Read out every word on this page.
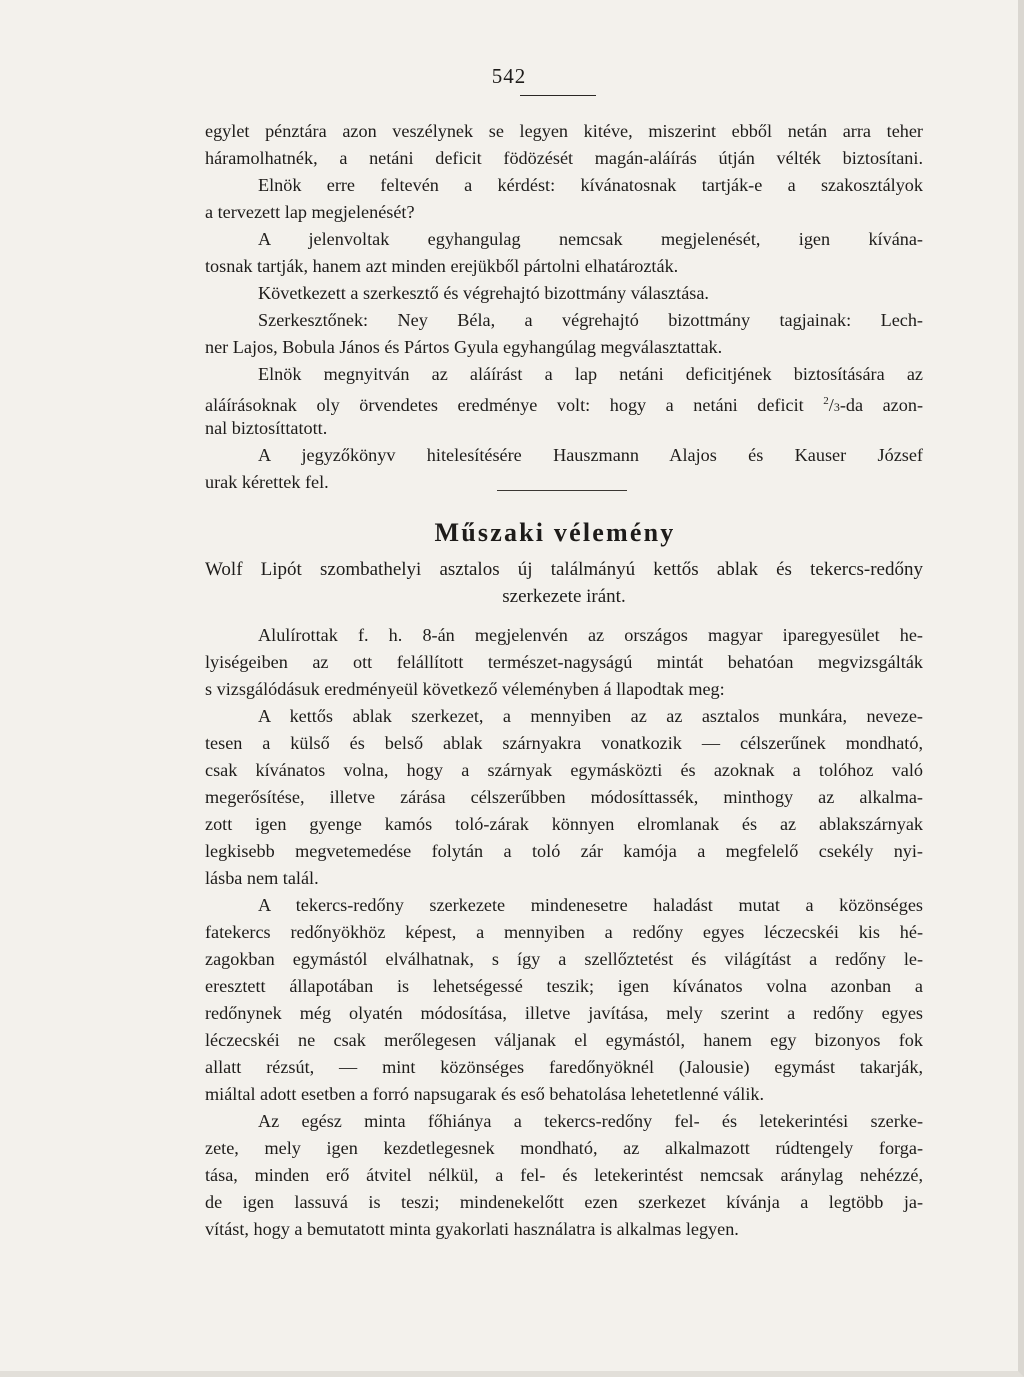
542
egylet pénztára azon veszélynek se legyen kitéve, miszerint ebből netán arra teher
háramolhatnék, a netáni deficit födözését magán-aláírás útján vélték biztosítani.
Elnök erre feltevén a kérdést: kívánatosnak tartják-e a szakosztályok
a tervezett lap megjelenését?
A jelenvoltak egyhangulag nemcsak megjelenését, igen kívána-
tosnak tartják, hanem azt minden erejükből pártolni elhatározták.
Következett a szerkesztő és végrehajtó bizottmány választása.
Szerkesztőnek: Ney Béla, a végrehajtó bizottmány tagjainak: Lech-
ner Lajos, Bobula János és Pártos Gyula egyhangúlag megválasztattak.
Elnök megnyitván az aláírást a lap netáni deficitjének biztosítására az
aláírásoknak oly örvendetes eredménye volt: hogy a netáni deficit $^2$/3-da azon-
nal biztosíttatott.
A jegyzőkönyv hitelesítésére Hauszmann Alajos és Kauser József
urak kérettek fel.
Műszaki vélemény
Wolf Lipót szombathelyi asztalos új találmányú kettős ablak és tekercs-redőny
szerkezete iránt.
Alulírottak f. h. 8-án megjelenvén az országos magyar iparegyesület he-
lyiségeiben az ott felállított természet-nagyságú mintát behatóan megvizsgálták
s vizsgálódásuk eredményeül következő véleményben á llapodtak meg:
A kettős ablak szerkezet, a mennyiben az az asztalos munkára, neveze-
tesen a külső és belső ablak szárnyakra vonatkozik — célszerűnek mondható,
csak kívánatos volna, hogy a szárnyak egymásközti és azoknak a tolóhoz való
megerősítése, illetve zárása célszerűbben módosíttassék, minthogy az alkalma-
zott igen gyenge kamós toló-zárak könnyen elromlanak és az ablakszárnyak
legkisebb megvetemedése folytán a toló zár kamója a megfelelő csekély nyi-
lásba nem talál.
A tekercs-redőny szerkezete mindenesetre haladást mutat a közönséges
fatekercs redőnyökhöz képest, a mennyiben a redőny egyes léczecskéi kis hé-
zagokban egymástól elválhatnak, s így a szellőztetést és világítást a redőny le-
eresztett állapotában is lehetségessé teszik; igen kívánatos volna azonban a
redőnynek még olyatén módosítása, illetve javítása, mely szerint a redőny egyes
léczecskéi ne csak merőlegesen váljanak el egymástól, hanem egy bizonyos fok
allatt rézsút, — mint közönséges faredőnyöknél (Jalousie) egymást takarják,
miáltal adott esetben a forró napsugarak és eső behatolása lehetetlenné válik.
Az egész minta főhiánya a tekercs-redőny fel- és letekerintési szerke-
zete, mely igen kezdetlegesnek mondható, az alkalmazott rúdtengely forga-
tása, minden erő átvitel nélkül, a fel- és letekerintést nemcsak aránylag nehézzé,
de igen lassuvá is teszi; mindenekelőtt ezen szerkezet kívánja a legtöbb ja-
vítást, hogy a bemutatott minta gyakorlati használatra is alkalmas legyen.
